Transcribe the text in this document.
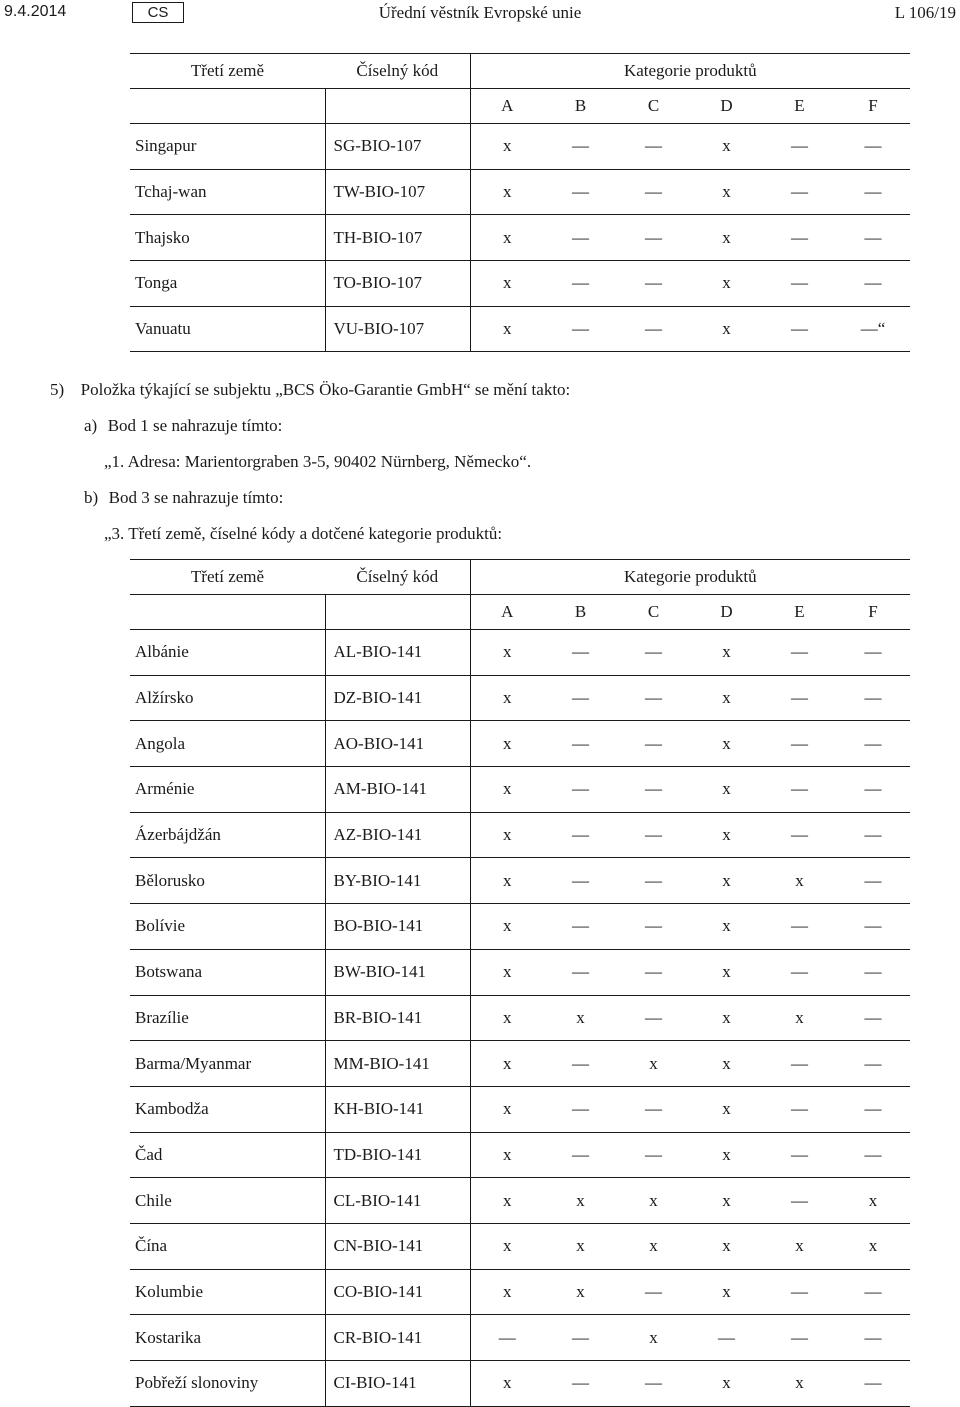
9.4.2014	CS	Úřední věstník Evropské unie	L 106/19
Třetí země	Číselný kód	Kategorie produktů					
		A	B	C	D	E	F
Singapur	SG-BIO-107	x	—	—	x	—	—
Tchaj-wan	TW-BIO-107	x	—	—	x	—	—
Thajsko	TH-BIO-107	x	—	—	x	—	—
Tonga	TO-BIO-107	x	—	—	x	—	—
Vanuatu	VU-BIO-107	x	—	—	x	—	—“
5) Položka týkající se subjektu „BCS Öko-Garantie GmbH“ se mění takto:
a) Bod 1 se nahrazuje tímto:
„1. Adresa: Marientorgraben 3-5, 90402 Nürnberg, Německo“.
b) Bod 3 se nahrazuje tímto:
„3. Třetí země, číselné kódy a dotčené kategorie produktů:
Třetí země	Číselný kód	Kategorie produktů					
		A	B	C	D	E	F
Albánie	AL-BIO-141	x	—	—	x	—	—
Alžírsko	DZ-BIO-141	x	—	—	x	—	—
Angola	AO-BIO-141	x	—	—	x	—	—
Arménie	AM-BIO-141	x	—	—	x	—	—
Ázerbájdžán	AZ-BIO-141	x	—	—	x	—	—
Bělorusko	BY-BIO-141	x	—	—	x	x	—
Bolívie	BO-BIO-141	x	—	—	x	—	—
Botswana	BW-BIO-141	x	—	—	x	—	—
Brazílie	BR-BIO-141	x	x	—	x	x	—
Barma/Myanmar	MM-BIO-141	x	—	x	x	—	—
Kambodža	KH-BIO-141	x	—	—	x	—	—
Čad	TD-BIO-141	x	—	—	x	—	—
Chile	CL-BIO-141	x	x	x	x	—	x
Čína	CN-BIO-141	x	x	x	x	x	x
Kolumbie	CO-BIO-141	x	x	—	x	—	—
Kostarika	CR-BIO-141	—	—	x	—	—	—
Pobřeží slonoviny	CI-BIO-141	x	—	—	x	x	—
